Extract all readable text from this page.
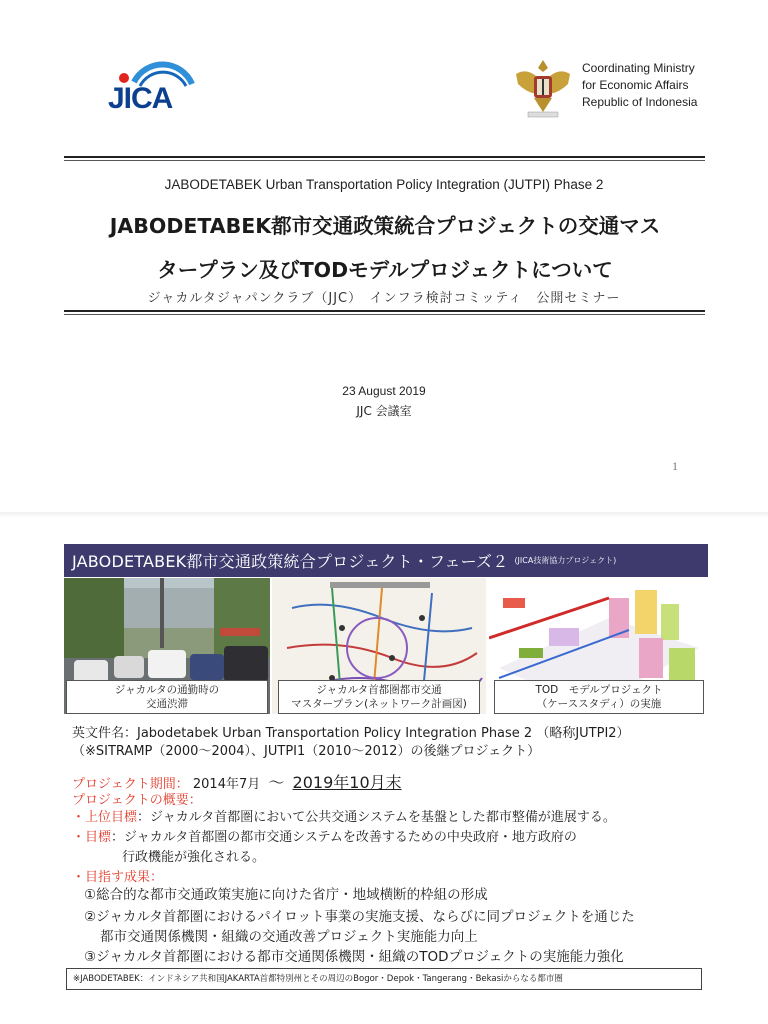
JICA
Coordinating Ministry
for Economic Affairs
Republic of Indonesia
JABODETABEK Urban Transportation Policy Integration (JUTPI) Phase 2
JABODETABEK都市交通政策統合プロジェクトの交通マス
タープラン及びTODモデルプロジェクトについて
ジャカルタジャパンクラブ（JJC）　インフラ検討コミッティ　公開セミナー
23 August 2019
JJC 会議室
1
JABODETABEK都市交通政策統合プロジェクト・フェーズ２ (JICA技術協力プロジェクト)
ジャカルタの通勤時の
交通渋滞
ジャカルタ首都圏都市交通
マスタープラン(ネットワーク計画図)
TOD　モデルプロジェクト
（ケーススタディ）の実施
英文件名：Jabodetabek Urban Transportation Policy Integration Phase 2 （略称JUTPI2）
（※SITRAMP（2000～2004）、JUTPI1（2010～2012）の後継プロジェクト）
プロジェクト期間： 2014年7月 ～ 2019年10月末
プロジェクトの概要：
・上位目標：ジャカルタ首都圏において公共交通システムを基盤とした都市整備が進展する。
・目標：ジャカルタ首都圏の都市交通システムを改善するための中央政府・地方政府の
行政機能が強化される。
・目指す成果：
①総合的な都市交通政策実施に向けた省庁・地域横断的枠組の形成
②ジャカルタ首都圏におけるパイロット事業の実施支援、ならびに同プロジェクトを通じた
都市交通関係機関・組織の交通改善プロジェクト実施能力向上
③ジャカルタ首都圏における都市交通関係機関・組織のTODプロジェクトの実施能力強化
※JABODETABEK：インドネシア共和国JAKARTA首都特別州とその周辺のBogor・Depok・Tangerang・Bekasiからなる都市圏
